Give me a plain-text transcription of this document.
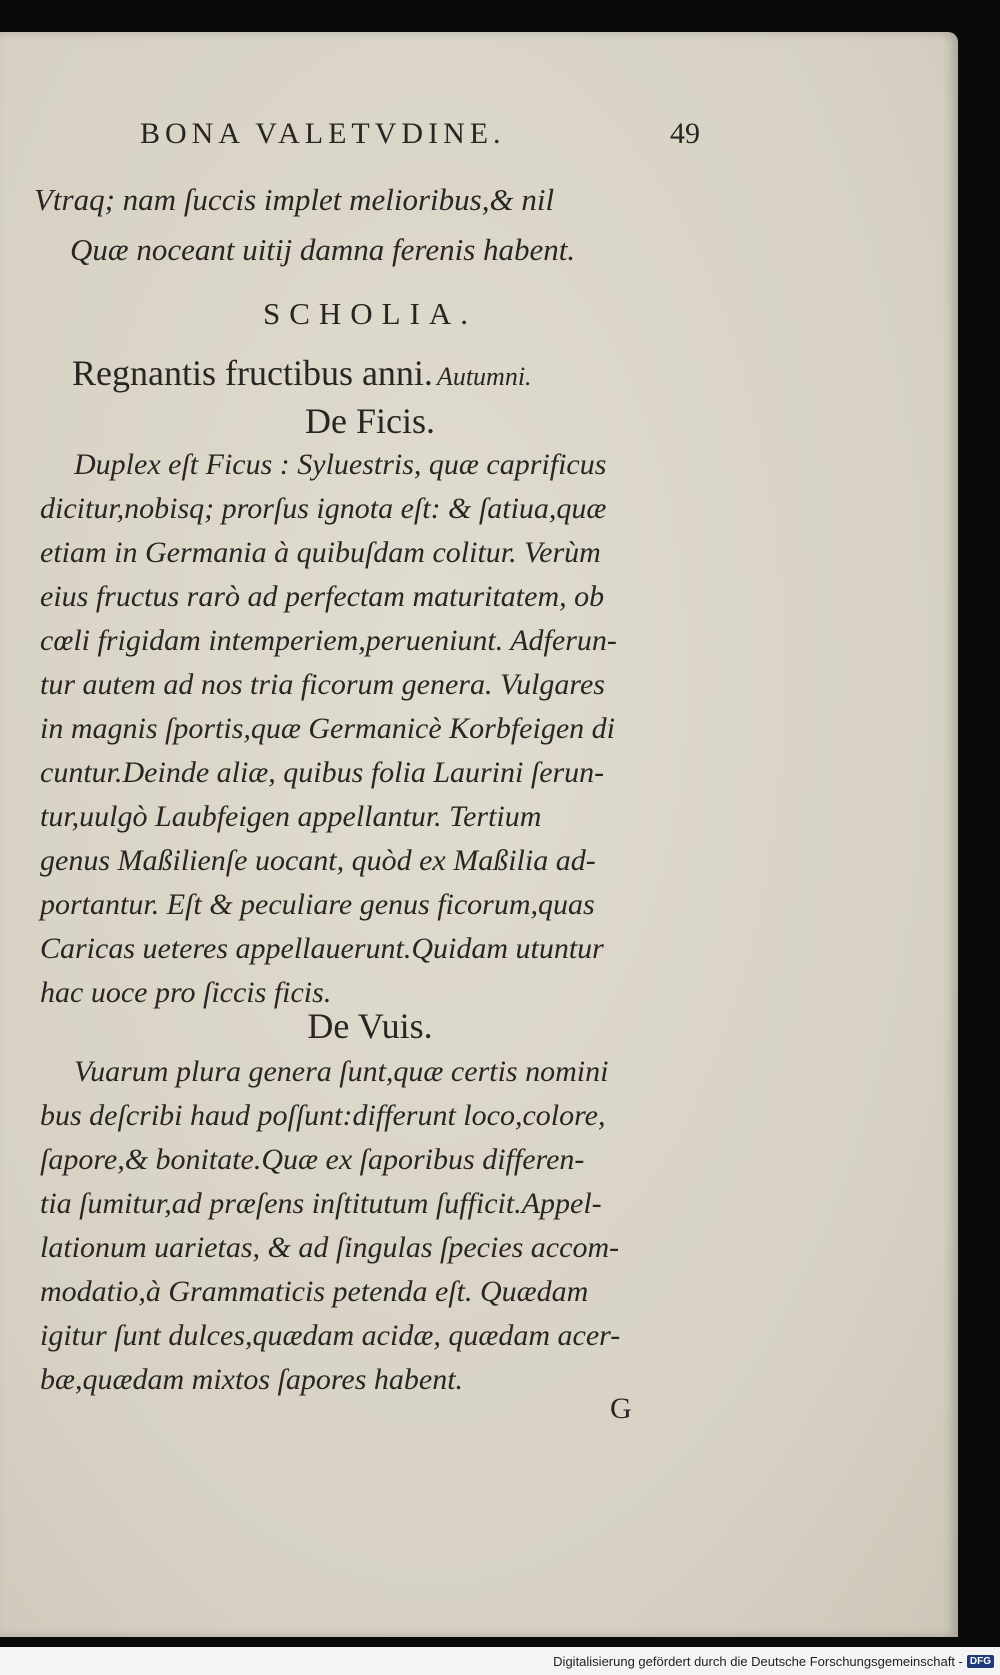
BONA VALETVDINE.	49
Vtraq; nam ſuccis implet melioribus,& nil
Quæ noceant uitij damna ferenis habent.
SCHOLIA.
Regnantis fructibus anni. Autumni.
De Ficis.
Duplex eſt Ficus : Syluestris, quæ caprificus
dicitur,nobisq; prorſus ignota eſt: & ſatiua,quæ
etiam in Germania à quibuſdam colitur. Verùm
eius fructus rarò ad perfectam maturitatem, ob
cœli frigidam intemperiem,perueniunt. Adferun-
tur autem ad nos tria ficorum genera. Vulgares
in magnis ſportis,quæ Germanicè Korbfeigen di
cuntur.Deinde aliæ, quibus folia Laurini ſerun-
tur,uulgò Laubfeigen appellantur. Tertium
genus Maßilienſe uocant, quòd ex Maßilia ad-
portantur. Eſt & peculiare genus ficorum,quas
Caricas ueteres appellauerunt.Quidam utuntur
hac uoce pro ſiccis ficis.
De Vuis.
Vuarum plura genera ſunt,quæ certis nomini
bus deſcribi haud poſſunt:differunt loco,colore,
ſapore,& bonitate.Quæ ex ſaporibus differen-
tia ſumitur,ad præſens inſtitutum ſufficit.Appel-
lationum uarietas, & ad ſingulas ſpecies accom-
modatio,à Grammaticis petenda eſt. Quædam
igitur ſunt dulces,quædam acidæ, quædam acer-
bæ,quædam mixtos ſapores habent.
G
Digitalisierung gefördert durch die Deutsche Forschungsgemeinschaft - DFG
